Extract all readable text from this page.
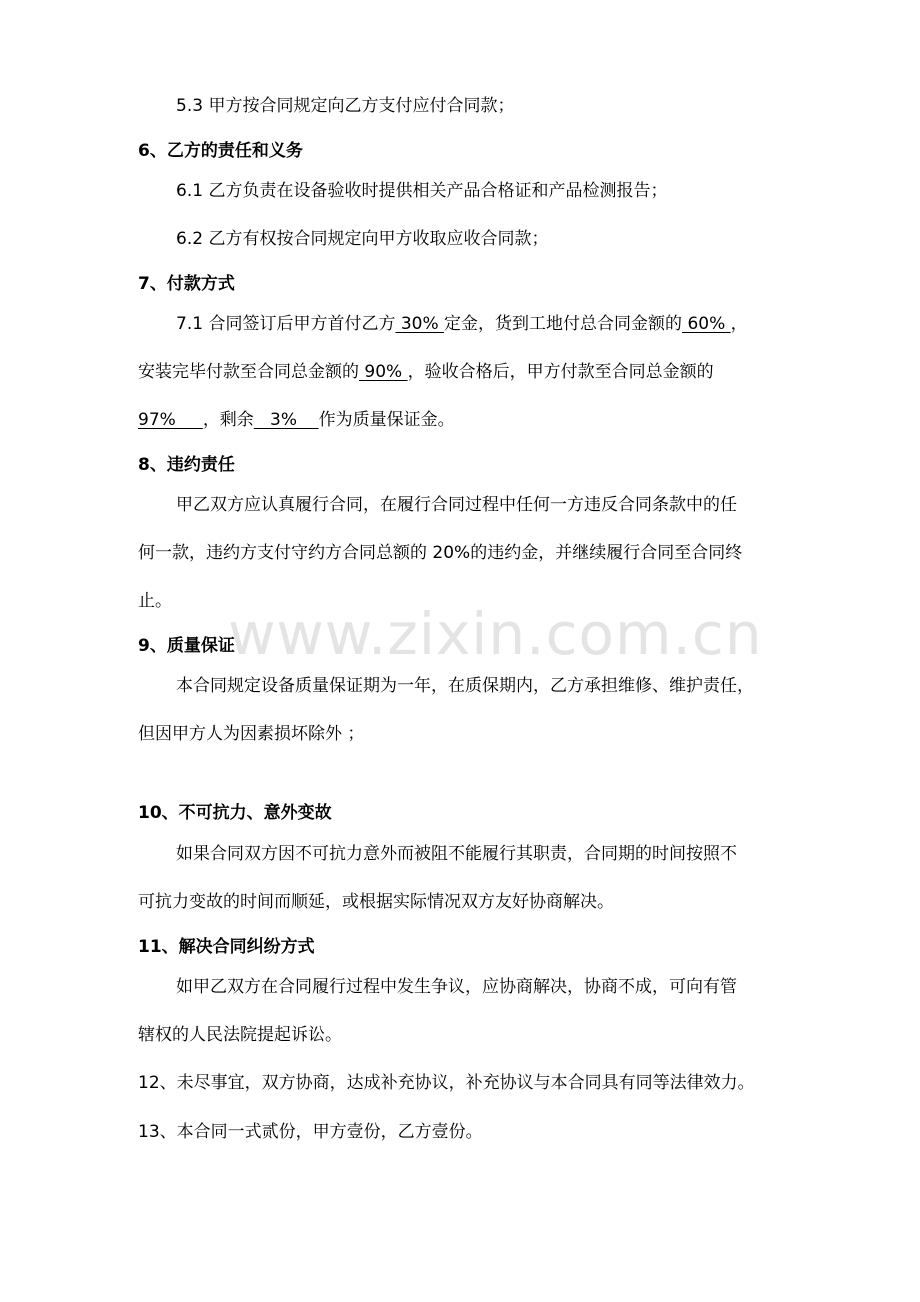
www.zixin.com.cn
5.3 甲方按合同规定向乙方支付应付合同款；
6、乙方的责任和义务
6.1 乙方负责在设备验收时提供相关产品合格证和产品检测报告；
6.2 乙方有权按合同规定向甲方收取应收合同款；
7、付款方式
7.1 合同签订后甲方首付乙方 30% 定金，货到工地付总合同金额的 60% ，
安装完毕付款至合同总金额的 90% ，验收合格后，甲方付款至合同总金额的
97%     ，剩余   3%    作为质量保证金。
8、违约责任
甲乙双方应认真履行合同，在履行合同过程中任何一方违反合同条款中的任
何一款，违约方支付守约方合同总额的 20%的违约金，并继续履行合同至合同终
止。
9、质量保证
本合同规定设备质量保证期为一年，在质保期内，乙方承担维修、维护责任，
但因甲方人为因素损坏除外 ；
10、不可抗力、意外变故
如果合同双方因不可抗力意外而被阻不能履行其职责，合同期的时间按照不
可抗力变故的时间而顺延，或根据实际情况双方友好协商解决。
11、解决合同纠纷方式
如甲乙双方在合同履行过程中发生争议，应协商解决，协商不成，可向有管
辖权的人民法院提起诉讼。
12、未尽事宜，双方协商，达成补充协议，补充协议与本合同具有同等法律效力。
13、本合同一式贰份，甲方壹份，乙方壹份。
